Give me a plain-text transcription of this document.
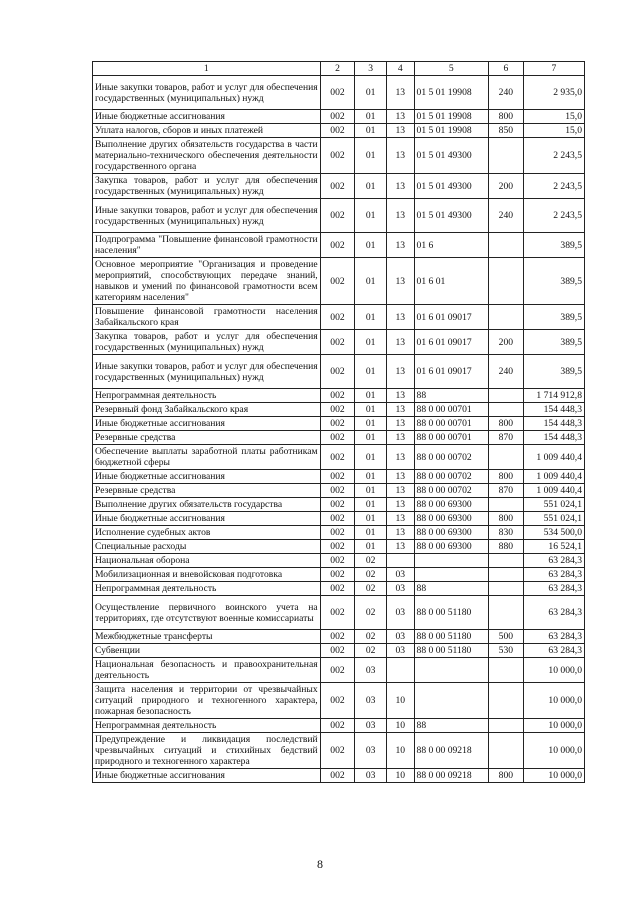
1	2	3	4	5	6	7
Иные закупки товаров, работ и услуг для обеспечения государственных (муниципальных) нужд	002	01	13	01 5 01 19908	240	2 935,0
Иные бюджетные ассигнования	002	01	13	01 5 01 19908	800	15,0
Уплата налогов, сборов и иных платежей	002	01	13	01 5 01 19908	850	15,0
Выполнение других обязательств государства в части материально-технического обеспечения деятельности государственного органа	002	01	13	01 5 01 49300		2 243,5
Закупка товаров, работ и услуг для обеспечения государственных (муниципальных) нужд	002	01	13	01 5 01 49300	200	2 243,5
Иные закупки товаров, работ и услуг для обеспечения государственных (муниципальных) нужд	002	01	13	01 5 01 49300	240	2 243,5
Подпрограмма "Повышение финансовой грамотности населения"	002	01	13	01 6		389,5
Основное мероприятие "Организация и проведение мероприятий, способствующих передаче знаний, навыков и умений по финансовой грамотности всем категориям населения"	002	01	13	01 6 01		389,5
Повышение финансовой грамотности населения Забайкальского края	002	01	13	01 6 01 09017		389,5
Закупка товаров, работ и услуг для обеспечения государственных (муниципальных) нужд	002	01	13	01 6 01 09017	200	389,5
Иные закупки товаров, работ и услуг для обеспечения государственных (муниципальных) нужд	002	01	13	01 6 01 09017	240	389,5
Непрограммная деятельность	002	01	13	88		1 714 912,8
Резервный фонд Забайкальского края	002	01	13	88 0 00 00701		154 448,3
Иные бюджетные ассигнования	002	01	13	88 0 00 00701	800	154 448,3
Резервные средства	002	01	13	88 0 00 00701	870	154 448,3
Обеспечение выплаты заработной платы работникам бюджетной сферы	002	01	13	88 0 00 00702		1 009 440,4
Иные бюджетные ассигнования	002	01	13	88 0 00 00702	800	1 009 440,4
Резервные средства	002	01	13	88 0 00 00702	870	1 009 440,4
Выполнение других обязательств государства	002	01	13	88 0 00 69300		551 024,1
Иные бюджетные ассигнования	002	01	13	88 0 00 69300	800	551 024,1
Исполнение судебных актов	002	01	13	88 0 00 69300	830	534 500,0
Специальные расходы	002	01	13	88 0 00 69300	880	16 524,1
Национальная оборона	002	02				63 284,3
Мобилизационная и вневойсковая подготовка	002	02	03			63 284,3
Непрограммная деятельность	002	02	03	88		63 284,3
Осуществление первичного воинского учета на территориях, где отсутствуют военные комиссариаты	002	02	03	88 0 00 51180		63 284,3
Межбюджетные трансферты	002	02	03	88 0 00 51180	500	63 284,3
Субвенции	002	02	03	88 0 00 51180	530	63 284,3
Национальная безопасность и правоохранительная деятельность	002	03				10 000,0
Защита населения и территории от чрезвычайных ситуаций природного и техногенного характера, пожарная безопасность	002	03	10			10 000,0
Непрограммная деятельность	002	03	10	88		10 000,0
Предупреждение и ликвидация последствий чрезвычайных ситуаций и стихийных бедствий природного и техногенного характера	002	03	10	88 0 00 09218		10 000,0
Иные бюджетные ассигнования	002	03	10	88 0 00 09218	800	10 000,0
8
